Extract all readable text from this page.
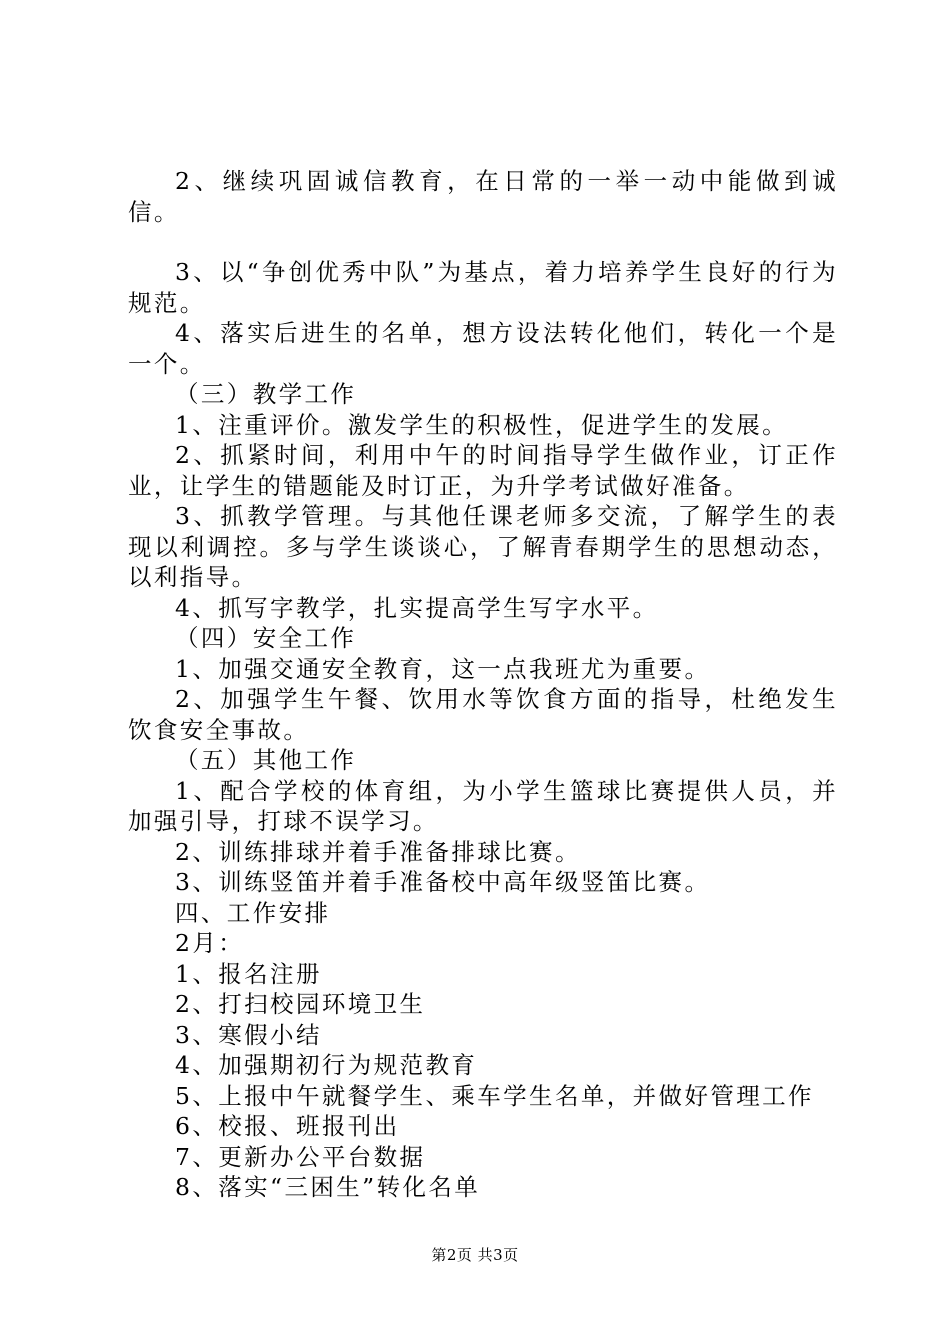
2、继续巩固诚信教育，在日常的一举一动中能做到诚信。

3、以“争创优秀中队”为基点，着力培养学生良好的行为规范。

4、落实后进生的名单，想方设法转化他们，转化一个是一个。

（三）教学工作

1、注重评价。激发学生的积极性，促进学生的发展。

2、抓紧时间，利用中午的时间指导学生做作业，订正作业，让学生的错题能及时订正，为升学考试做好准备。

3、抓教学管理。与其他任课老师多交流，了解学生的表现以利调控。多与学生谈谈心，了解青春期学生的思想动态，以利指导。

4、抓写字教学，扎实提高学生写字水平。

（四）安全工作

1、加强交通安全教育，这一点我班尤为重要。

2、加强学生午餐、饮用水等饮食方面的指导，杜绝发生饮食安全事故。

（五）其他工作

1、配合学校的体育组，为小学生篮球比赛提供人员，并加强引导，打球不误学习。

2、训练排球并着手准备排球比赛。

3、训练竖笛并着手准备校中高年级竖笛比赛。

四、工作安排

2月：

1、报名注册

2、打扫校园环境卫生

3、寒假小结

4、加强期初行为规范教育

5、上报中午就餐学生、乘车学生名单，并做好管理工作

6、校报、班报刊出

7、更新办公平台数据

8、落实“三困生”转化名单

第2页 共3页
